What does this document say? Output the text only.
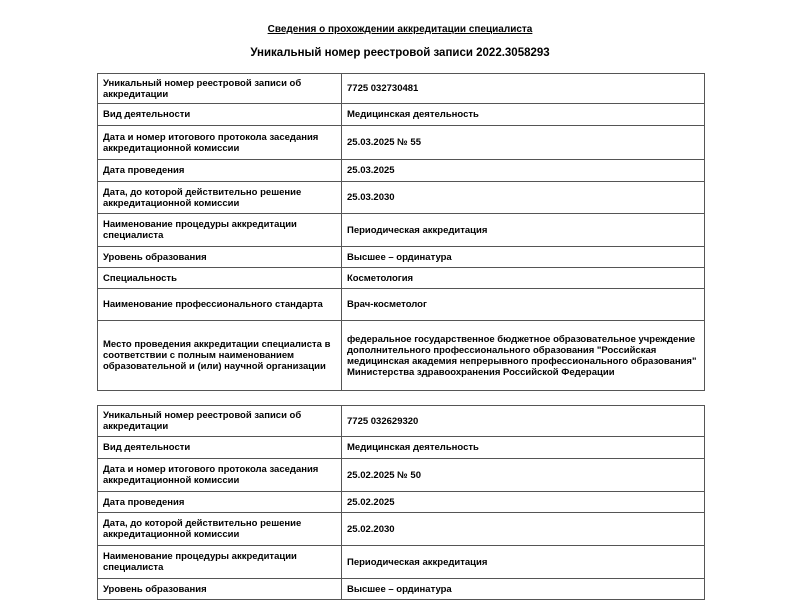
Сведения о прохождении аккредитации специалиста
Уникальный номер реестровой записи 2022.3058293
Уникальный номер реестровой записи об аккредитации	7725 032730481
Вид деятельности	Медицинская деятельность
Дата и номер итогового протокола заседания аккредитационной комиссии	25.03.2025 № 55
Дата проведения	25.03.2025
Дата, до которой действительно решение аккредитационной комиссии	25.03.2030
Наименование процедуры аккредитации специалиста	Периодическая аккредитация
Уровень образования	Высшее – ординатура
Специальность	Косметология
Наименование профессионального стандарта	Врач-косметолог
Место проведения аккредитации специалиста в соответствии с полным наименованием образовательной и (или) научной организации	федеральное государственное бюджетное образовательное учреждение дополнительного профессионального образования "Российская медицинская академия непрерывного профессионального образования" Министерства здравоохранения Российской Федерации
Уникальный номер реестровой записи об аккредитации	7725 032629320
Вид деятельности	Медицинская деятельность
Дата и номер итогового протокола заседания аккредитационной комиссии	25.02.2025 № 50
Дата проведения	25.02.2025
Дата, до которой действительно решение аккредитационной комиссии	25.02.2030
Наименование процедуры аккредитации специалиста	Периодическая аккредитация
Уровень образования	Высшее – ординатура
